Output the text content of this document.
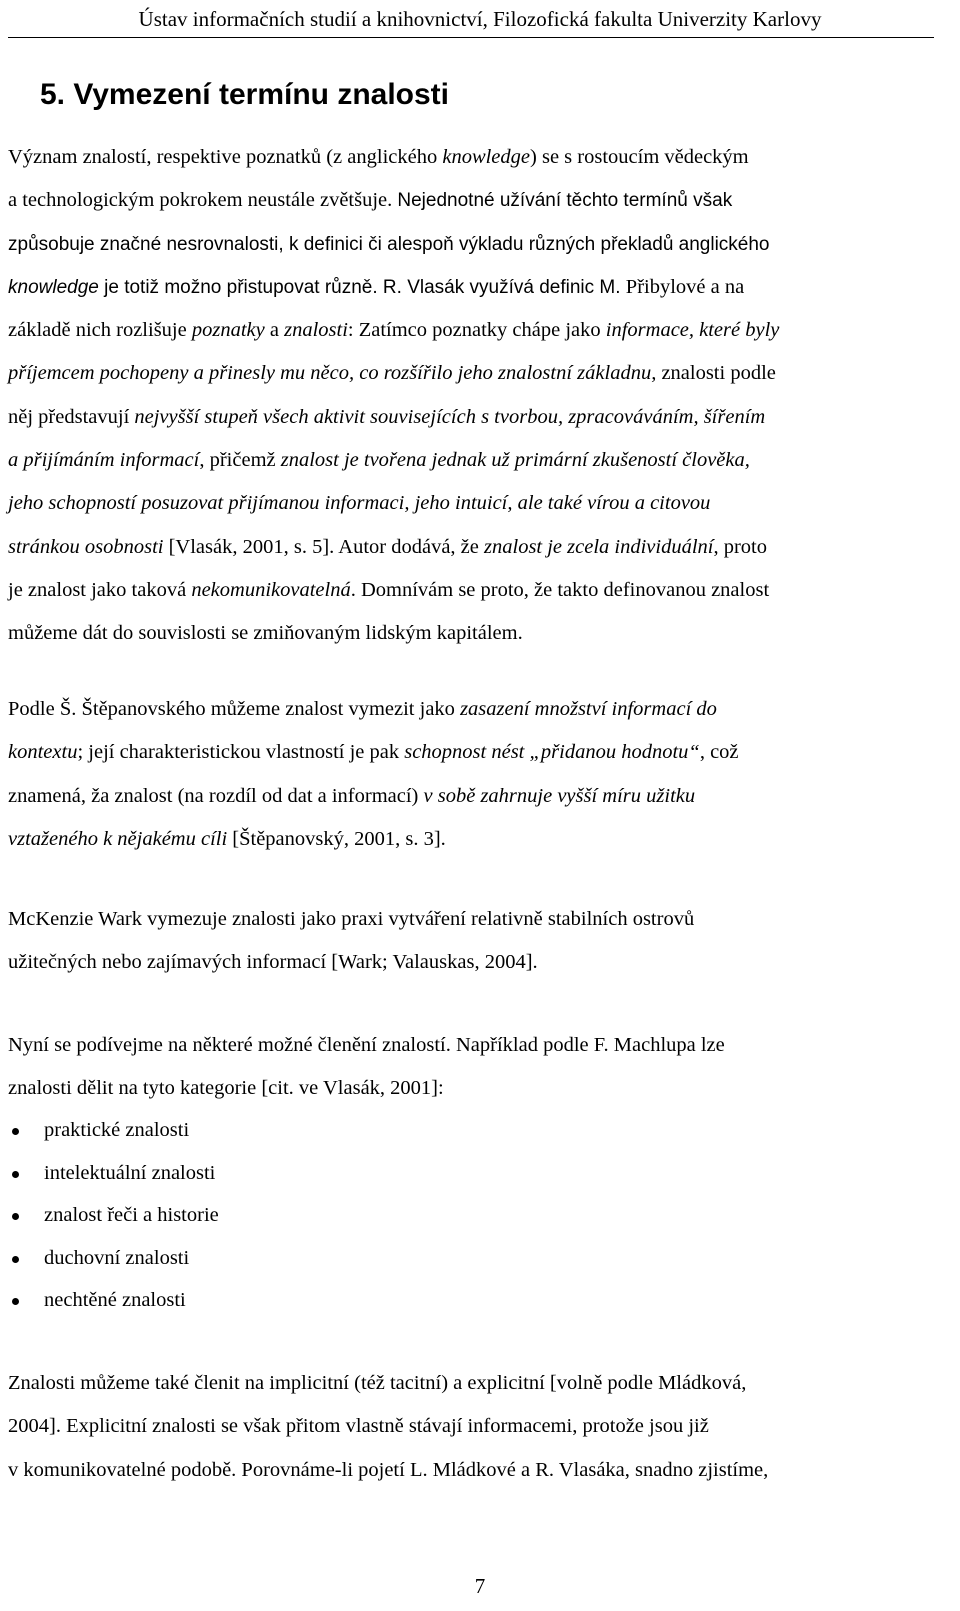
Ústav informačních studií a knihovnictví, Filozofická fakulta Univerzity Karlovy
5. Vymezení termínu znalosti
Význam znalostí, respektive poznatků (z anglického knowledge) se s rostoucím vědeckým
a technologickým pokrokem neustále zvětšuje. Nejednotné užívání těchto termínů však
způsobuje značné nesrovnalosti, k definici či alespoň výkladu různých překladů anglického
knowledge je totiž možno přistupovat různě. R. Vlasák využívá definic M. Přibylové a na
základě nich rozlišuje poznatky a znalosti: Zatímco poznatky chápe jako informace, které byly
příjemcem pochopeny a přinesly mu něco, co rozšířilo jeho znalostní základnu, znalosti podle
něj představují nejvyšší stupeň všech aktivit souvisejících s tvorbou, zpracováváním, šířením
a přijímáním informací, přičemž znalost je tvořena jednak už primární zkušeností člověka,
jeho schopností posuzovat přijímanou informaci, jeho intuicí, ale také vírou a citovou
stránkou osobnosti [Vlasák, 2001, s. 5]. Autor dodává, že znalost je zcela individuální, proto
je znalost jako taková nekomunikovatelná. Domnívám se proto, že takto definovanou znalost
můžeme dát do souvislosti se zmiňovaným lidským kapitálem.
Podle Š. Štěpanovského můžeme znalost vymezit jako zasazení množství informací do
kontextu; její charakteristickou vlastností je pak schopnost nést „přidanou hodnotu“, což
znamená, ža znalost (na rozdíl od dat a informací) v sobě zahrnuje vyšší míru užitku
vztaženého k nějakému cíli [Štěpanovský, 2001, s. 3].
McKenzie Wark vymezuje znalosti jako praxi vytváření relativně stabilních ostrovů
užitečných nebo zajímavých informací [Wark; Valauskas, 2004].
Nyní se podívejme na některé možné členění znalostí. Například podle F. Machlupa lze
znalosti dělit na tyto kategorie [cit. ve Vlasák, 2001]:
praktické znalosti
intelektuální znalosti
znalost řeči a historie
duchovní znalosti
nechtěné znalosti
Znalosti můžeme také členit na implicitní (též tacitní) a explicitní [volně podle Mládková,
2004]. Explicitní znalosti se však přitom vlastně stávají informacemi, protože jsou již
v komunikovatelné podobě. Porovnáme-li pojetí L. Mládkové a R. Vlasáka, snadno zjistíme,
7
